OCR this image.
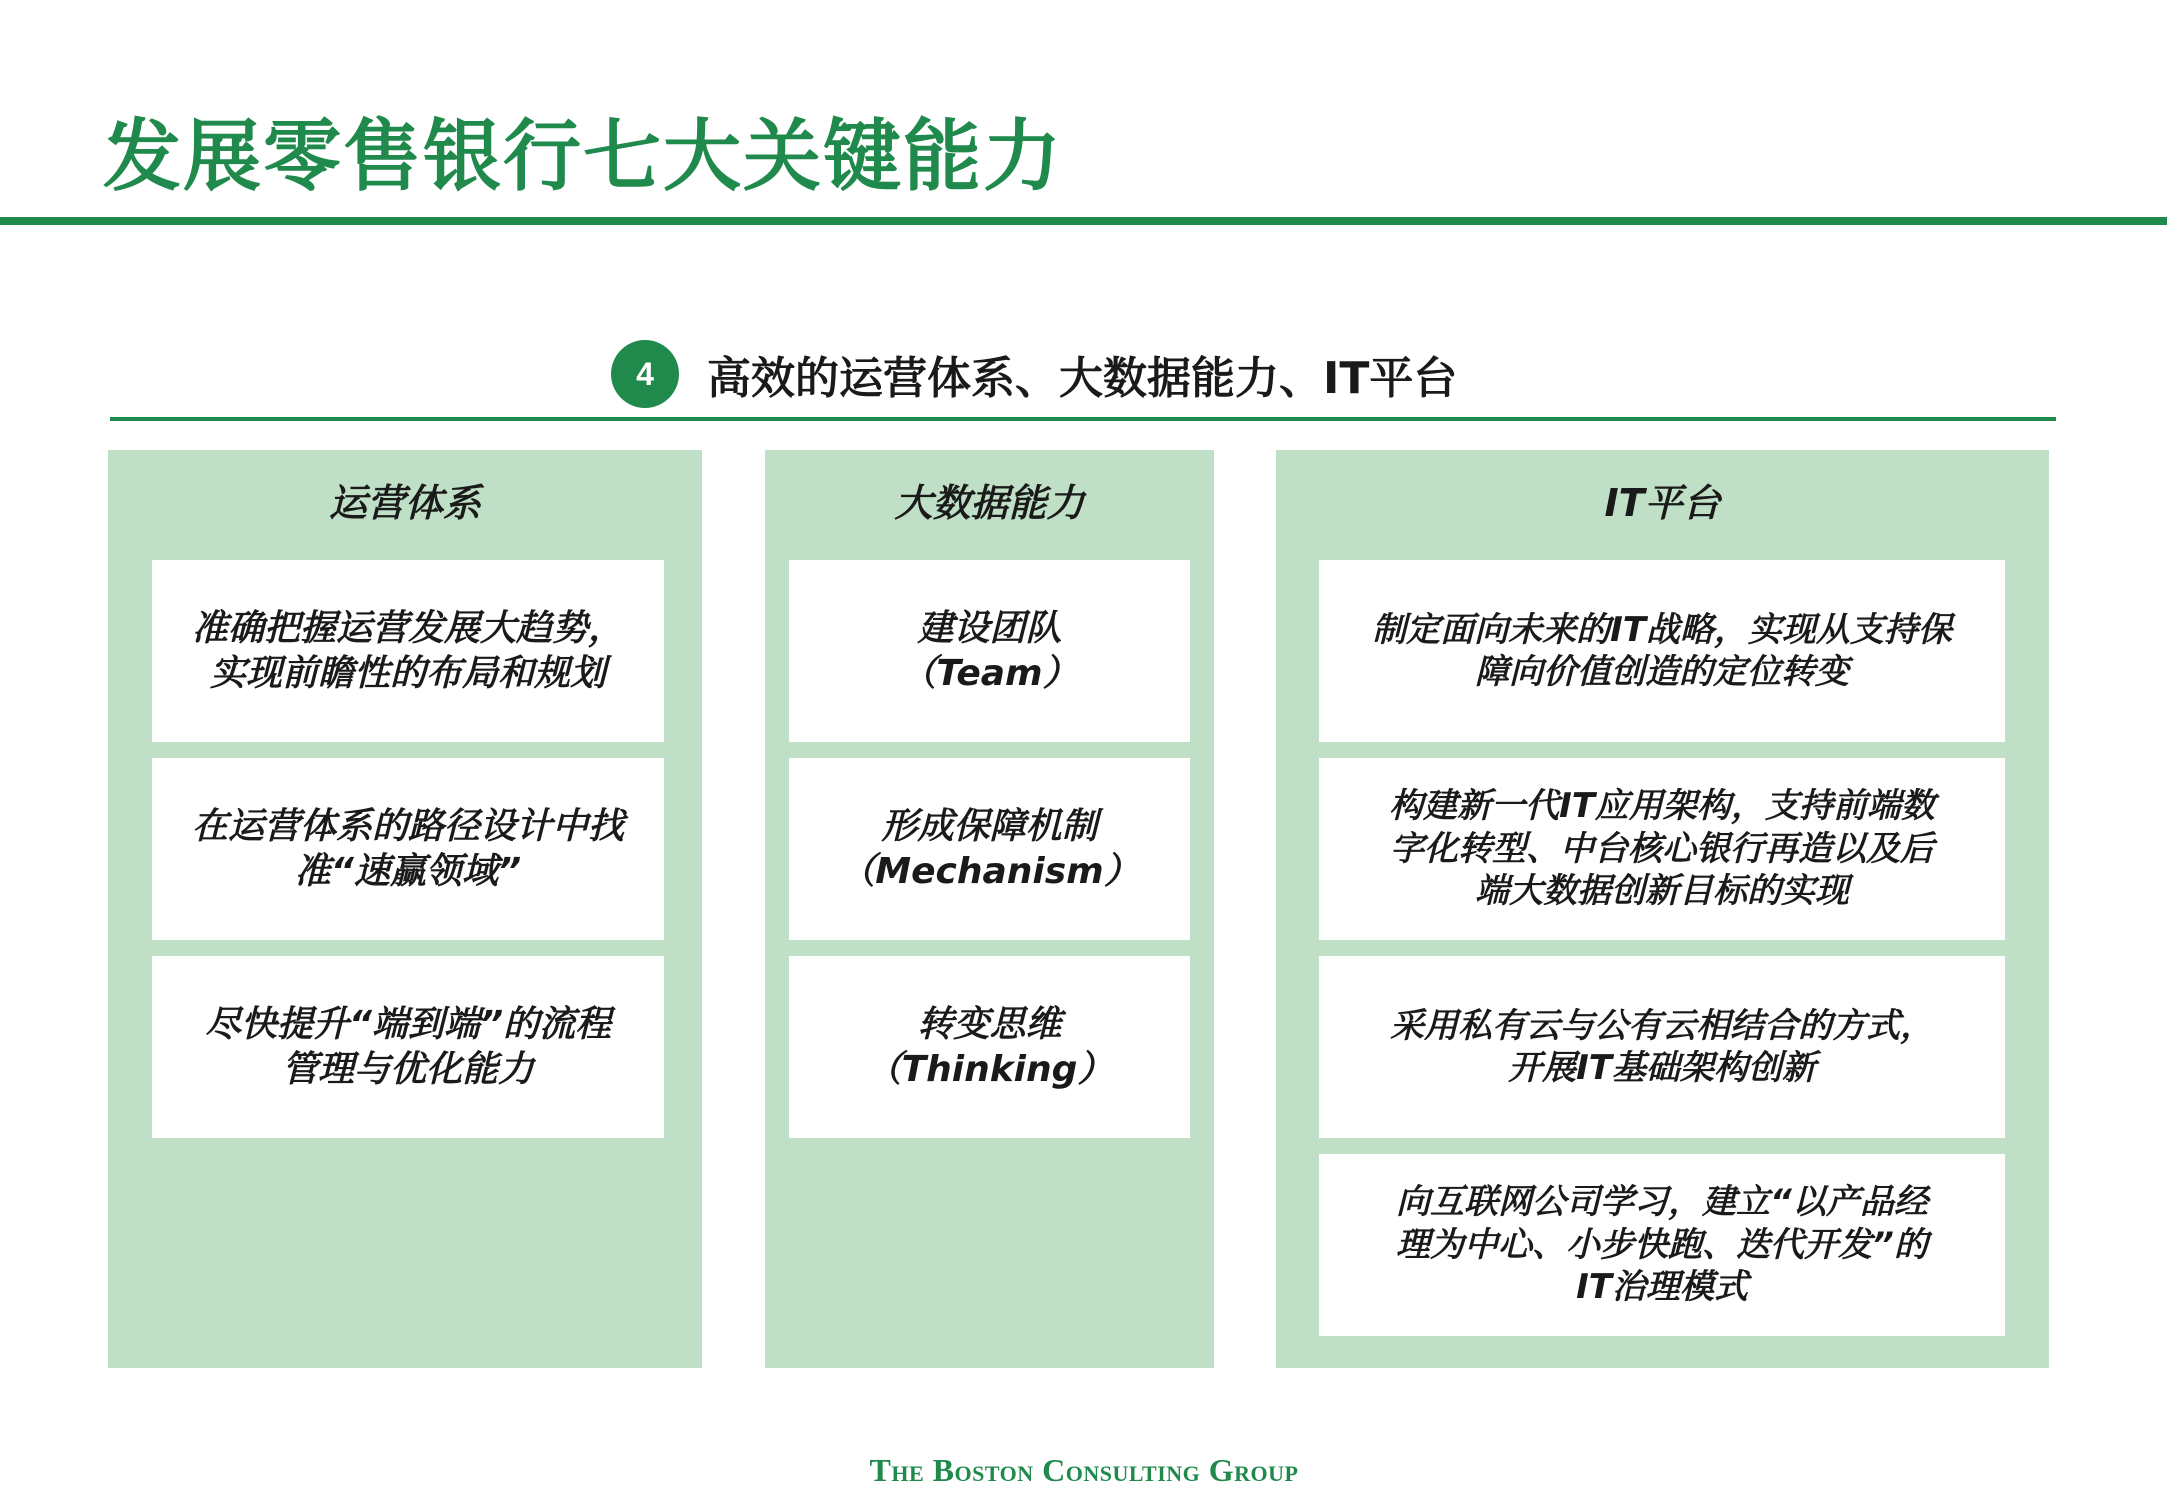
发展零售银行七大关键能力
4	高效的运营体系、大数据能力、IT平台
运营体系
准确把握运营发展大趋势，
实现前瞻性的布局和规划
在运营体系的路径设计中找
准“速赢领域”
尽快提升“端到端”的流程
管理与优化能力
大数据能力
建设团队
（Team）
形成保障机制
（Mechanism）
转变思维
（Thinking）
IT平台
制定面向未来的IT战略，实现从支持保
障向价值创造的定位转变
构建新一代IT应用架构，支持前端数
字化转型、中台核心银行再造以及后
端大数据创新目标的实现
采用私有云与公有云相结合的方式，
开展IT基础架构创新
向互联网公司学习，建立“以产品经
理为中心、小步快跑、迭代开发”的
IT治理模式
The Boston Consulting Group
